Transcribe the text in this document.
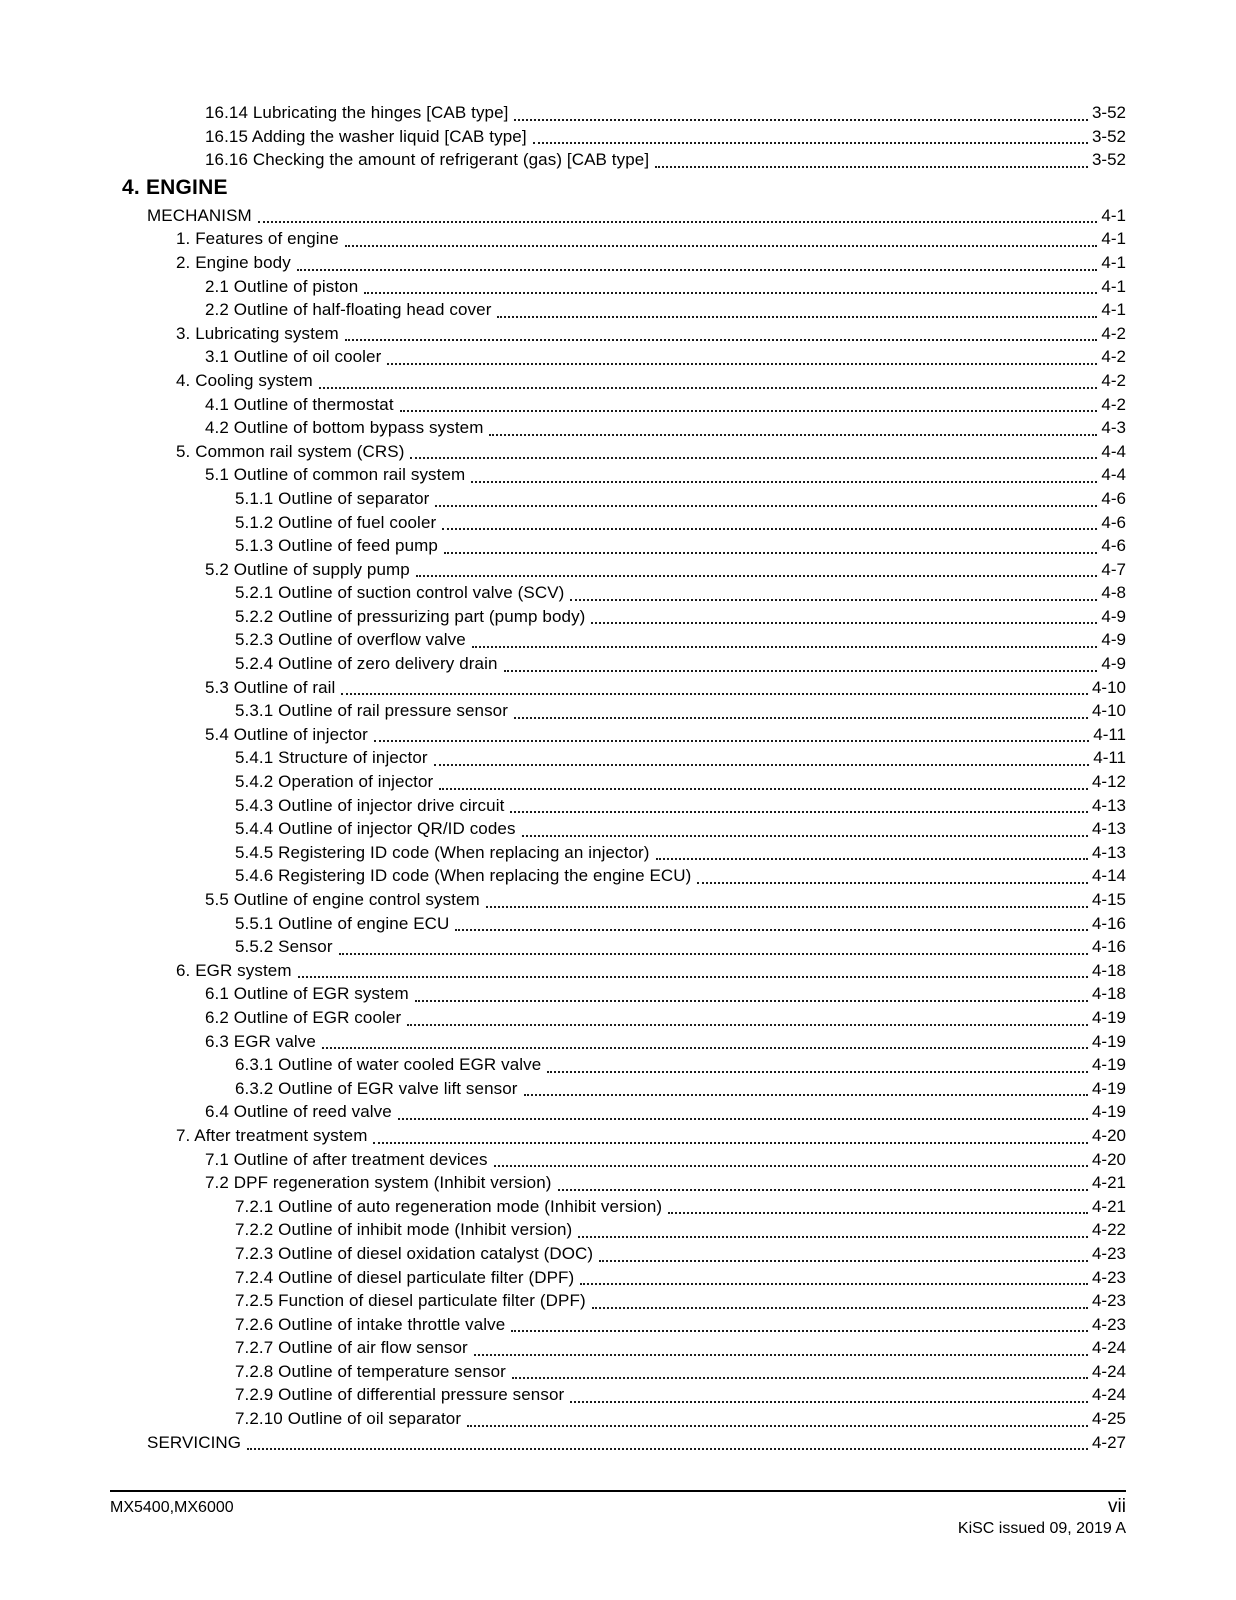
16.14 Lubricating the hinges [CAB type]	3-52
16.15 Adding the washer liquid [CAB type]	3-52
16.16 Checking the amount of refrigerant (gas) [CAB type]	3-52
4. ENGINE
MECHANISM	4-1
1. Features of engine	4-1
2. Engine body	4-1
2.1 Outline of piston	4-1
2.2 Outline of half-floating head cover	4-1
3. Lubricating system	4-2
3.1 Outline of oil cooler	4-2
4. Cooling system	4-2
4.1 Outline of thermostat	4-2
4.2 Outline of bottom bypass system	4-3
5. Common rail system (CRS)	4-4
5.1 Outline of common rail system	4-4
5.1.1 Outline of separator	4-6
5.1.2 Outline of fuel cooler	4-6
5.1.3 Outline of feed pump	4-6
5.2 Outline of supply pump	4-7
5.2.1 Outline of suction control valve (SCV)	4-8
5.2.2 Outline of pressurizing part (pump body)	4-9
5.2.3 Outline of overflow valve	4-9
5.2.4 Outline of zero delivery drain	4-9
5.3 Outline of rail	4-10
5.3.1 Outline of rail pressure sensor	4-10
5.4 Outline of injector	4-11
5.4.1 Structure of injector	4-11
5.4.2 Operation of injector	4-12
5.4.3 Outline of injector drive circuit	4-13
5.4.4 Outline of injector QR/ID codes	4-13
5.4.5 Registering ID code (When replacing an injector)	4-13
5.4.6 Registering ID code (When replacing the engine ECU)	4-14
5.5 Outline of engine control system	4-15
5.5.1 Outline of engine ECU	4-16
5.5.2 Sensor	4-16
6. EGR system	4-18
6.1 Outline of EGR system	4-18
6.2 Outline of EGR cooler	4-19
6.3 EGR valve	4-19
6.3.1 Outline of water cooled EGR valve	4-19
6.3.2 Outline of EGR valve lift sensor	4-19
6.4 Outline of reed valve	4-19
7. After treatment system	4-20
7.1 Outline of after treatment devices	4-20
7.2 DPF regeneration system (Inhibit version)	4-21
7.2.1 Outline of auto regeneration mode (Inhibit version)	4-21
7.2.2 Outline of inhibit mode (Inhibit version)	4-22
7.2.3 Outline of diesel oxidation catalyst (DOC)	4-23
7.2.4 Outline of diesel particulate filter (DPF)	4-23
7.2.5 Function of diesel particulate filter (DPF)	4-23
7.2.6 Outline of intake throttle valve	4-23
7.2.7 Outline of air flow sensor	4-24
7.2.8 Outline of temperature sensor	4-24
7.2.9 Outline of differential pressure sensor	4-24
7.2.10 Outline of oil separator	4-25
SERVICING	4-27
MX5400,MX6000	vii
KiSC issued 09, 2019 A
